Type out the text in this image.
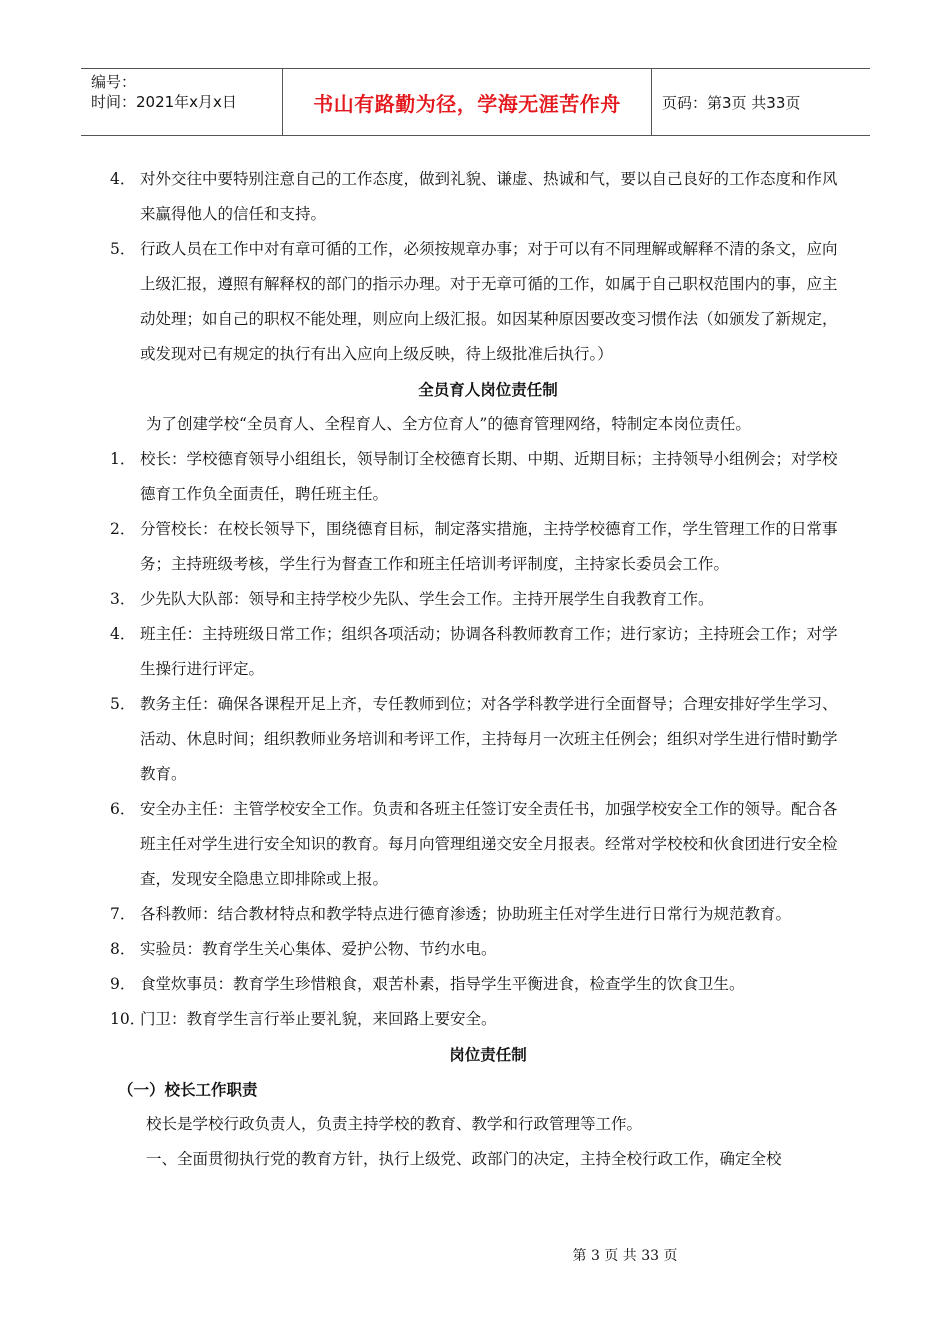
编号：
时间：2021年x月x日	书山有路勤为径，学海无涯苦作舟	页码：第3页 共33页
4． 对外交往中要特别注意自己的工作态度，做到礼貌、谦虚、热诚和气，要以自己良好的工作态度和作风来赢得他人的信任和支持。
5． 行政人员在工作中对有章可循的工作，必须按规章办事；对于可以有不同理解或解释不清的条文，应向上级汇报，遵照有解释权的部门的指示办理。对于无章可循的工作，如属于自己职权范围内的事，应主动处理；如自己的职权不能处理，则应向上级汇报。如因某种原因要改变习惯作法（如颁发了新规定，或发现对已有规定的执行有出入应向上级反映，待上级批准后执行。）
全员育人岗位责任制
为了创建学校“全员育人、全程育人、全方位育人”的德育管理网络，特制定本岗位责任。
1． 校长：学校德育领导小组组长，领导制订全校德育长期、中期、近期目标；主持领导小组例会；对学校德育工作负全面责任，聘任班主任。
2． 分管校长：在校长领导下，围绕德育目标，制定落实措施，主持学校德育工作，学生管理工作的日常事务；主持班级考核，学生行为督查工作和班主任培训考评制度，主持家长委员会工作。
3． 少先队大队部：领导和主持学校少先队、学生会工作。主持开展学生自我教育工作。
4． 班主任：主持班级日常工作；组织各项活动；协调各科教师教育工作；进行家访；主持班会工作；对学生操行进行评定。
5． 教务主任：确保各课程开足上齐，专任教师到位；对各学科教学进行全面督导；合理安排好学生学习、活动、休息时间；组织教师业务培训和考评工作，主持每月一次班主任例会；组织对学生进行惜时勤学教育。
6． 安全办主任：主管学校安全工作。负责和各班主任签订安全责任书，加强学校安全工作的领导。配合各班主任对学生进行安全知识的教育。每月向管理组递交安全月报表。经常对学校校和伙食团进行安全检查，发现安全隐患立即排除或上报。
7． 各科教师：结合教材特点和教学特点进行德育渗透；协助班主任对学生进行日常行为规范教育。
8． 实验员：教育学生关心集体、爱护公物、节约水电。
9． 食堂炊事员：教育学生珍惜粮食，艰苦朴素，指导学生平衡进食，检查学生的饮食卫生。
10．
门卫：教育学生言行举止要礼貌，来回路上要安全。
岗位责任制
（一）校长工作职责
校长是学校行政负责人，负责主持学校的教育、教学和行政管理等工作。
一、全面贯彻执行党的教育方针，执行上级党、政部门的决定，主持全校行政工作，确定全校
第 3 页 共 33 页
